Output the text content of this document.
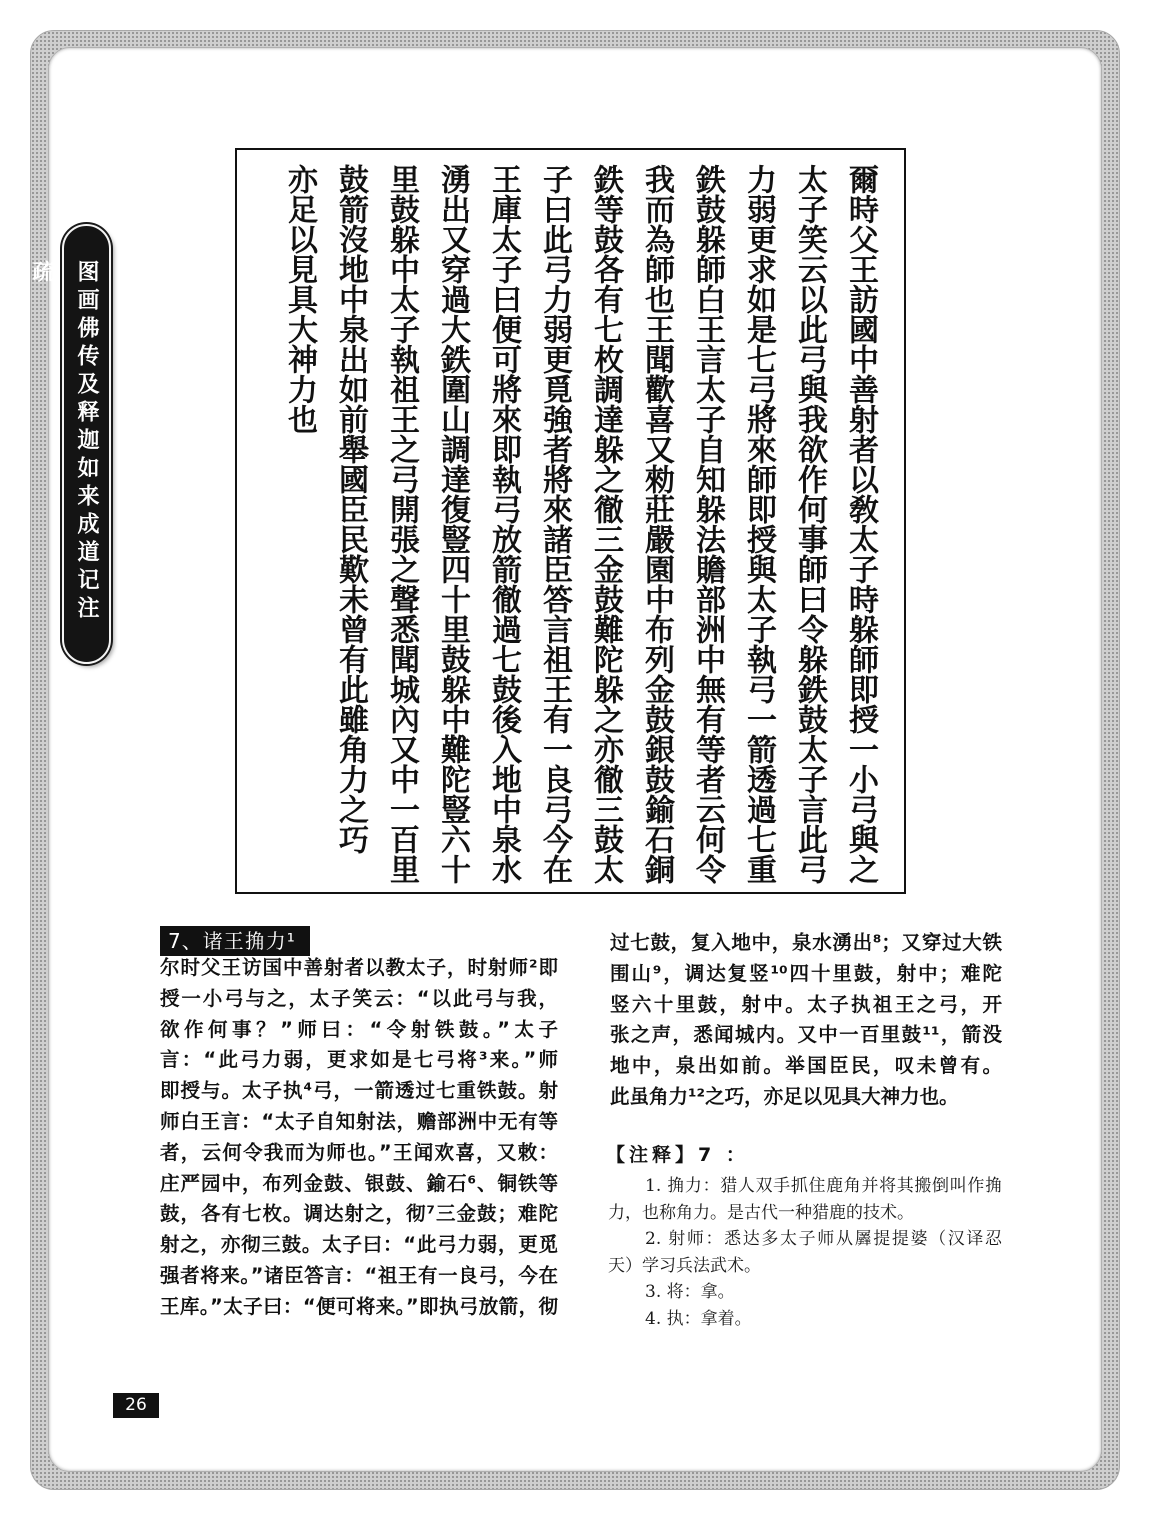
图画佛传及释迦如来成道记注疏	爾時父王訪國中善射者以敎太子時躲師即授一小弓與之
太子笑云以此弓與我欲作何事師曰令躲鉄鼓太子言此弓
力弱更求如是七弓將來師即授與太子執弓一箭透過七重
鉄鼓躲師白王言太子自知躲法贍部洲中無有等者云何令
我而為師也王聞歡喜又勑莊嚴園中布列金鼓銀鼓鍮石銅
鉄等鼓各有七枚調達躲之徹三金鼓難陀躲之亦徹三鼓太
子曰此弓力弱更覓強者將來諸臣答言祖王有一良弓今在
王庫太子曰便可將來即執弓放箭徹過七鼓後入地中泉水
湧出又穿過大鉄圍山調達復豎四十里鼓躲中難陀豎六十
里鼓躲中太子執祖王之弓開張之聲悉聞城內又中一百里
鼓箭沒地中泉出如前舉國臣民歎未曾有此雖角力之巧
亦足以見具大神力也
7、诸王捔力¹
尔时父王访国中善射者以教太子，时射师²即
授一小弓与之，太子笑云：“以此弓与我，
欲作何事？”师曰：“令射铁鼓。”太子
言：“此弓力弱，更求如是七弓将³来。”师
即授与。太子执⁴弓，一箭透过七重铁鼓。射
师白王言：“太子自知射法，赡部洲中无有等
者，云何令我而为师也。”王闻欢喜，又敕：
庄严园中，布列金鼓、银鼓、鍮石⁶、铜铁等
鼓，各有七枚。调达射之，彻⁷三金鼓；难陀
射之，亦彻三鼓。太子曰：“此弓力弱，更觅
强者将来。”诸臣答言：“祖王有一良弓，今在
王库。”太子曰：“便可将来。”即执弓放箭，彻
过七鼓，复入地中，泉水湧出⁸；又穿过大铁
围山⁹，调达复竖¹⁰四十里鼓，射中；难陀
竖六十里鼓，射中。太子执祖王之弓，开
张之声，悉闻城内。又中一百里鼓¹¹，箭没
地中，泉出如前。举国臣民，叹未曾有。
此虽角力¹²之巧，亦足以见具大神力也。
【注释】7 ：
1. 捔力：猎人双手抓住鹿角并将其搬倒叫作捔
力，也称角力。是古代一种猎鹿的技术。
2. 射师：悉达多太子师从羼提提婆（汉译忍
天）学习兵法武术。
3. 将：拿。
4. 执：拿着。
26
